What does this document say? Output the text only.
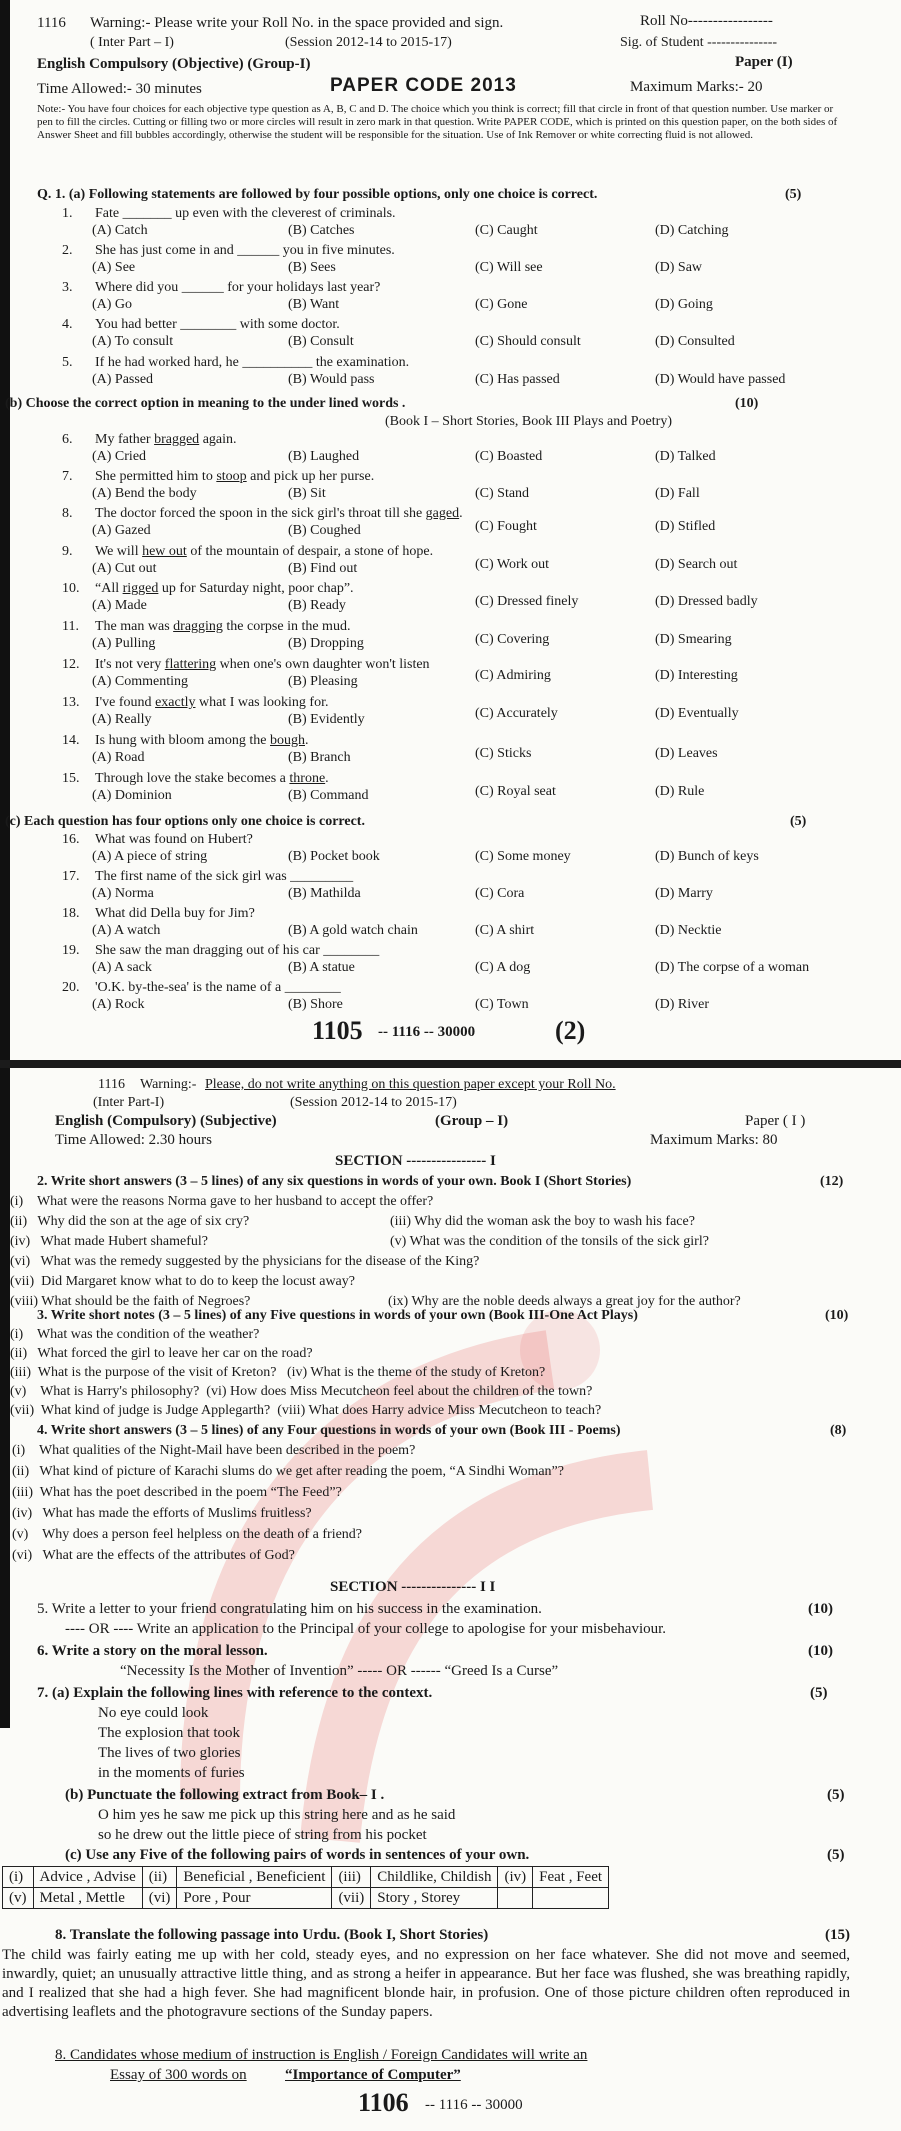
1116 Warning:- Please write your Roll No. in the space provided and sign.	Roll No-----------------
( Inter Part – I)	(Session 2012-14 to 2015-17)	Sig. of Student ---------------
English Compulsory (Objective) (Group-I)	Paper (I)
Time Allowed:- 30 minutes	PAPER CODE 2013	Maximum Marks:- 20
Note:- You have four choices for each objective type question as A, B, C and D. The choice which you think is correct; fill that circle in front of that question number. Use marker or pen to fill the circles. Cutting or filling two or more circles will result in zero mark in that question. Write PAPER CODE, which is printed on this question paper, on the both sides of Answer Sheet and fill bubbles accordingly, otherwise the student will be responsible for the situation. Use of Ink Remover or white correcting fluid is not allowed.
Q. 1. (a) Following statements are followed by four possible options, only one choice is correct.	(5)
(b) Choose the correct option in meaning to the under lined words .	(10)
(Book I – Short Stories, Book III Plays and Poetry)
(c) Each question has four options only one choice is correct.	(5)
1. Fate _______ up even with the cleverest of criminals.
(A) Catch	(B) Catches	(C) Caught	(D) Catching
2. She has just come in and ______ you in five minutes.
(A) See	(B) Sees	(C) Will see	(D) Saw
3. Where did you ______ for your holidays last year?
(A) Go	(B) Want	(C) Gone	(D) Going
4. You had better ________ with some doctor.
(A) To consult	(B) Consult	(C) Should consult	(D) Consulted
5. If he had worked hard, he __________ the examination.
(A) Passed	(B) Would pass	(C) Has passed	(D) Would have passed
6. My father bragged again.
(A) Cried	(B) Laughed	(C) Boasted	(D) Talked
7. She permitted him to stoop and pick up her purse.
(A) Bend the body	(B) Sit	(C) Stand	(D) Fall
8. The doctor forced the spoon in the sick girl's throat till she gaged.
(A) Gazed	(B) Coughed	(C) Fought	(D) Stifled
9. We will hew out of the mountain of despair, a stone of hope.
(A) Cut out	(B) Find out	(C) Work out	(D) Search out
10. “All rigged up for Saturday night, poor chap”.
(A) Made	(B) Ready	(C) Dressed finely	(D) Dressed badly
11. The man was dragging the corpse in the mud.
(A) Pulling	(B) Dropping	(C) Covering	(D) Smearing
12. It's not very flattering when one's own daughter won't listen
(A) Commenting	(B) Pleasing	(C) Admiring	(D) Interesting
13. I've found exactly what I was looking for.
(A) Really	(B) Evidently	(C) Accurately	(D) Eventually
14. Is hung with bloom among the bough.
(A) Road	(B) Branch	(C) Sticks	(D) Leaves
15. Through love the stake becomes a throne.
(A) Dominion	(B) Command	(C) Royal seat	(D) Rule
16. What was found on Hubert?
(A) A piece of string	(B) Pocket book	(C) Some money	(D) Bunch of keys
17. The first name of the sick girl was _________
(A) Norma	(B) Mathilda	(C) Cora	(D) Marry
18. What did Della buy for Jim?
(A) A watch	(B) A gold watch chain	(C) A shirt	(D) Necktie
19. She saw the man dragging out of his car ________
(A) A sack	(B) A statue	(C) A dog	(D) The corpse of a woman
20. 'O.K. by-the-sea' is the name of a ________
(A) Rock	(B) Shore	(C) Town	(D) River
1105 -- 1116 -- 30000	(2)
1116 Warning:- Please, do not write anything on this question paper except your Roll No.
(Inter Part-I)	(Session 2012-14 to 2015-17)
English (Compulsory) (Subjective)	(Group – I)	Paper ( I )
Time Allowed: 2.30 hours	Maximum Marks: 80
SECTION ---------------- I
2. Write short answers (3 – 5 lines) of any six questions in words of your own. Book I (Short Stories)	(12)
(i)    What were the reasons Norma gave to her husband to accept the offer?
(ii)   Why did the son at the age of six cry?	(iii) Why did the woman ask the boy to wash his face?
(iv)   What made Hubert shameful?	(v) What was the condition of the tonsils of the sick girl?
(vi)   What was the remedy suggested by the physicians for the disease of the King?
(vii)  Did Margaret know what to do to keep the locust away?
(viii) What should be the faith of Negroes?	(ix) Why are the noble deeds always a great joy for the author?
3. Write short notes (3 – 5 lines) of any Five questions in words of your own (Book III-One Act Plays)	(10)
(i)    What was the condition of the weather?
(ii)   What forced the girl to leave her car on the road?
(iii)  What is the purpose of the visit of Kreton?   (iv) What is the theme of the study of Kreton?
(v)    What is Harry's philosophy?  (vi) How does Miss Mecutcheon feel about the children of the town?
(vii)  What kind of judge is Judge Applegarth?  (viii) What does Harry advice Miss Mecutcheon to teach?
4. Write short answers (3 – 5 lines) of any Four questions in words of your own (Book III - Poems)	(8)
(i)    What qualities of the Night-Mail have been described in the poem?
(ii)   What kind of picture of Karachi slums do we get after reading the poem, “A Sindhi Woman”?
(iii)  What has the poet described in the poem “The Feed”?
(iv)   What has made the efforts of Muslims fruitless?
(v)    Why does a person feel helpless on the death of a friend?
(vi)   What are the effects of the attributes of God?
SECTION --------------- I I
5. Write a letter to your friend congratulating him on his success in the examination.	(10)
---- OR ---- Write an application to the Principal of your college to apologise for your misbehaviour.
6. Write a story on the moral lesson.	(10)
“Necessity Is the Mother of Invention” ----- OR ------ “Greed Is a Curse”
7. (a) Explain the following lines with reference to the context.	(5)
No eye could look
The explosion that took
The lives of two glories
in the moments of furies
(b) Punctuate the following extract from Book– I .	(5)
O him yes he saw me pick up this string here and as he said
so he drew out the little piece of string from his pocket
(c) Use any Five of the following pairs of words in sentences of your own.	(5)
(i)	Advice , Advise	(ii)	Beneficial , Beneficient	(iii)	Childlike, Childish	(iv)	Feat , Feet
(v)	Metal , Mettle	(vi)	Pore , Pour	(vii)	Story , Storey		
8. Translate the following passage into Urdu. (Book I, Short Stories)	(15)
The child was fairly eating me up with her cold, steady eyes, and no expression on her face whatever. She did not move and seemed, inwardly, quiet; an unusually attractive little thing, and as strong a heifer in appearance. But her face was flushed, she was breathing rapidly, and I realized that she had a high fever. She had magnificent blonde hair, in profusion. One of those picture children often reproduced in advertising leaflets and the photogravure sections of the Sunday papers.
8. Candidates whose medium of instruction is English / Foreign Candidates will write an
Essay of 300 words on	“Importance of Computer”
1106 -- 1116 -- 30000
